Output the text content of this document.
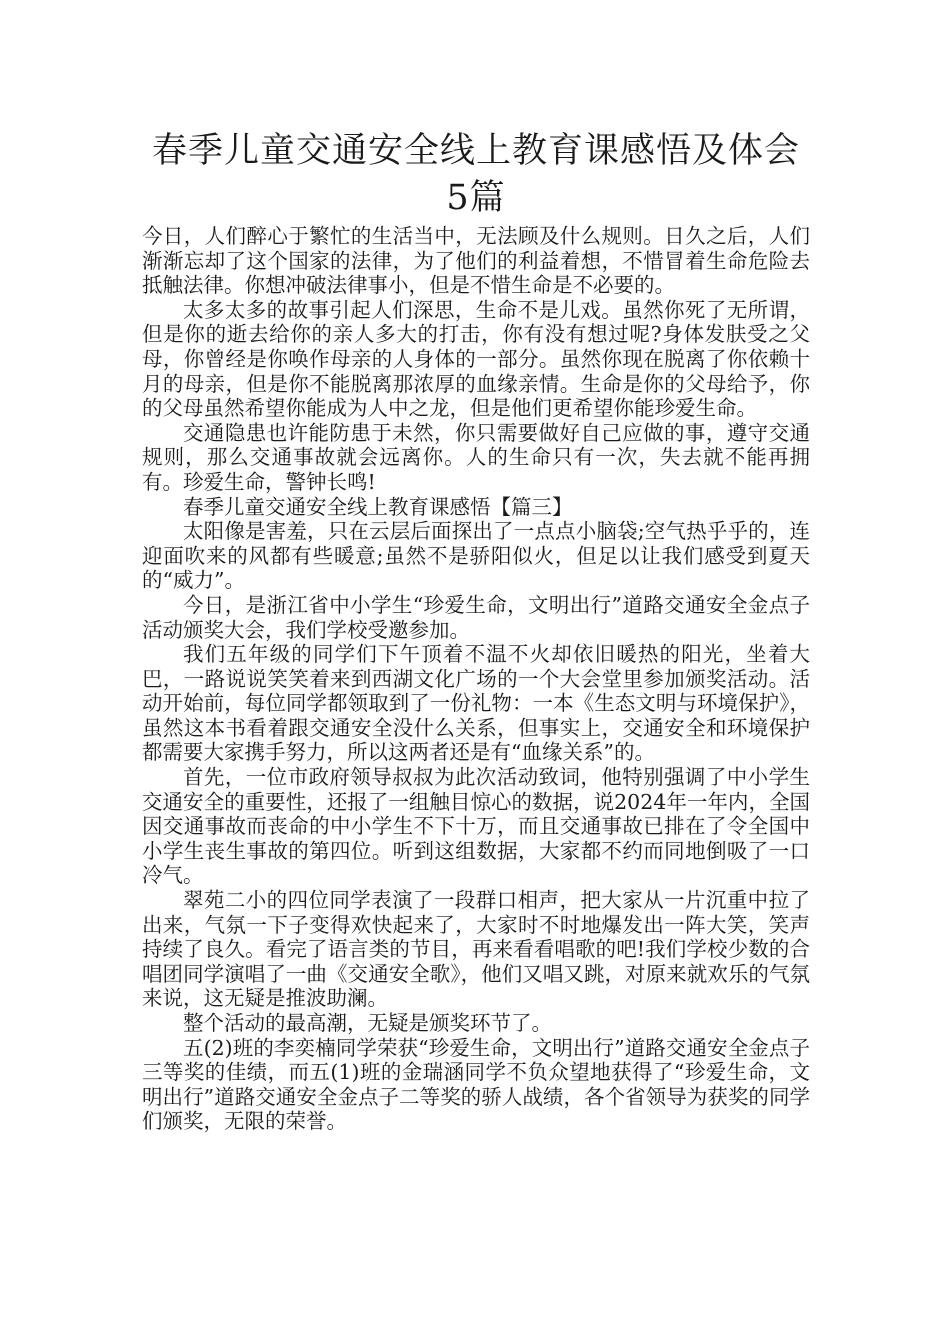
春季儿童交通安全线上教育课感悟及体会5篇

今日，人们醉心于繁忙的生活当中，无法顾及什么规则。日久之后，人们渐渐忘却了这个国家的法律，为了他们的利益着想，不惜冒着生命危险去抵触法律。你想冲破法律事小，但是不惜生命是不必要的。

太多太多的故事引起人们深思，生命不是儿戏。虽然你死了无所谓，但是你的逝去给你的亲人多大的打击，你有没有想过呢?身体发肤受之父母，你曾经是你唤作母亲的人身体的一部分。虽然你现在脱离了你依赖十月的母亲，但是你不能脱离那浓厚的血缘亲情。生命是你的父母给予，你的父母虽然希望你能成为人中之龙，但是他们更希望你能珍爱生命。

交通隐患也许能防患于未然，你只需要做好自己应做的事，遵守交通规则，那么交通事故就会远离你。人的生命只有一次，失去就不能再拥有。珍爱生命，警钟长鸣!

春季儿童交通安全线上教育课感悟【篇三】

太阳像是害羞，只在云层后面探出了一点点小脑袋;空气热乎乎的，连迎面吹来的风都有些暖意;虽然不是骄阳似火，但足以让我们感受到夏天的“威力”。

今日，是浙江省中小学生“珍爱生命，文明出行”道路交通安全金点子活动颁奖大会，我们学校受邀参加。

我们五年级的同学们下午顶着不温不火却依旧暖热的阳光，坐着大巴，一路说说笑笑着来到西湖文化广场的一个大会堂里参加颁奖活动。活动开始前，每位同学都领取到了一份礼物：一本《生态文明与环境保护》，虽然这本书看着跟交通安全没什么关系，但事实上，交通安全和环境保护都需要大家携手努力，所以这两者还是有“血缘关系”的。

首先，一位市政府领导叔叔为此次活动致词，他特别强调了中小学生交通安全的重要性，还报了一组触目惊心的数据，说2024年一年内，全国因交通事故而丧命的中小学生不下十万，而且交通事故已排在了令全国中小学生丧生事故的第四位。听到这组数据，大家都不约而同地倒吸了一口冷气。

翠苑二小的四位同学表演了一段群口相声，把大家从一片沉重中拉了出来，气氛一下子变得欢快起来了，大家时不时地爆发出一阵大笑，笑声持续了良久。看完了语言类的节目，再来看看唱歌的吧!我们学校少数的合唱团同学演唱了一曲《交通安全歌》，他们又唱又跳，对原来就欢乐的气氛来说，这无疑是推波助澜。

整个活动的最高潮，无疑是颁奖环节了。

五(2)班的李奕楠同学荣获“珍爱生命，文明出行”道路交通安全金点子三等奖的佳绩，而五(1)班的金瑞涵同学不负众望地获得了“珍爱生命，文明出行”道路交通安全金点子二等奖的骄人战绩，各个省领导为获奖的同学们颁奖，无限的荣誉。
